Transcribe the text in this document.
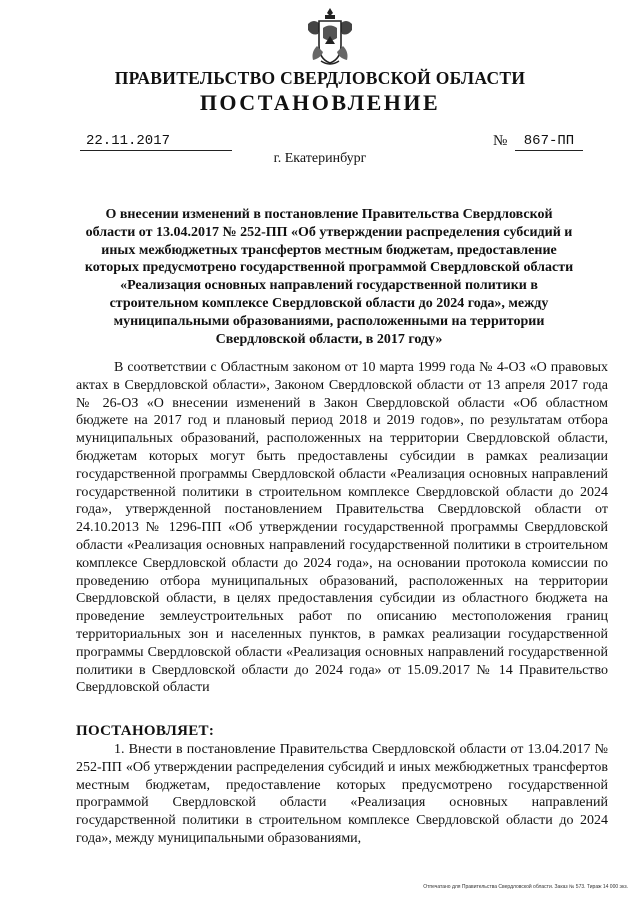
ПРАВИТЕЛЬСТВО СВЕРДЛОВСКОЙ ОБЛАСТИ
ПОСТАНОВЛЕНИЕ
22.11.2017	№	867-ПП
г. Екатеринбург
О внесении изменений в постановление Правительства Свердловской области от 13.04.2017 № 252-ПП «Об утверждении распределения субсидий и иных межбюджетных трансфертов местным бюджетам, предоставление которых предусмотрено государственной программой Свердловской области «Реализация основных направлений государственной политики в строительном комплексе Свердловской области до 2024 года», между муниципальными образованиями, расположенными на территории Свердловской области, в 2017 году»

В соответствии с Областным законом от 10 марта 1999 года № 4-ОЗ «О правовых актах в Свердловской области», Законом Свердловской области от 13 апреля 2017 года № 26-ОЗ «О внесении изменений в Закон Свердловской области «Об областном бюджете на 2017 год и плановый период 2018 и 2019 годов», по результатам отбора муниципальных образований, расположенных на территории Свердловской области, бюджетам которых могут быть предоставлены субсидии в рамках реализации государственной программы Свердловской области «Реализация основных направлений государственной политики в строительном комплексе Свердловской области до 2024 года», утвержденной постановлением Правительства Свердловской области от 24.10.2013 № 1296-ПП «Об утверждении государственной программы Свердловской области «Реализация основных направлений государственной политики в строительном комплексе Свердловской области до 2024 года», на основании протокола комиссии по проведению отбора муниципальных образований, расположенных на территории Свердловской области, в целях предоставления субсидии из областного бюджета на проведение землеустроительных работ по описанию местоположения границ территориальных зон и населенных пунктов, в рамках реализации государственной программы Свердловской области «Реализация основных направлений государственной политики в Свердловской области до 2024 года» от 15.09.2017 № 14 Правительство Свердловской области

ПОСТАНОВЛЯЕТ:

1. Внести в постановление Правительства Свердловской области от 13.04.2017 № 252-ПП «Об утверждении распределения субсидий и иных межбюджетных трансфертов местным бюджетам, предоставление которых предусмотрено государственной программой Свердловской области «Реализация основных направлений государственной политики в строительном комплексе Свердловской области до 2024 года», между муниципальными образованиями,

Отпечатано для Правительства Свердловской области. Заказ № 573. Тираж 14 000 экз.
